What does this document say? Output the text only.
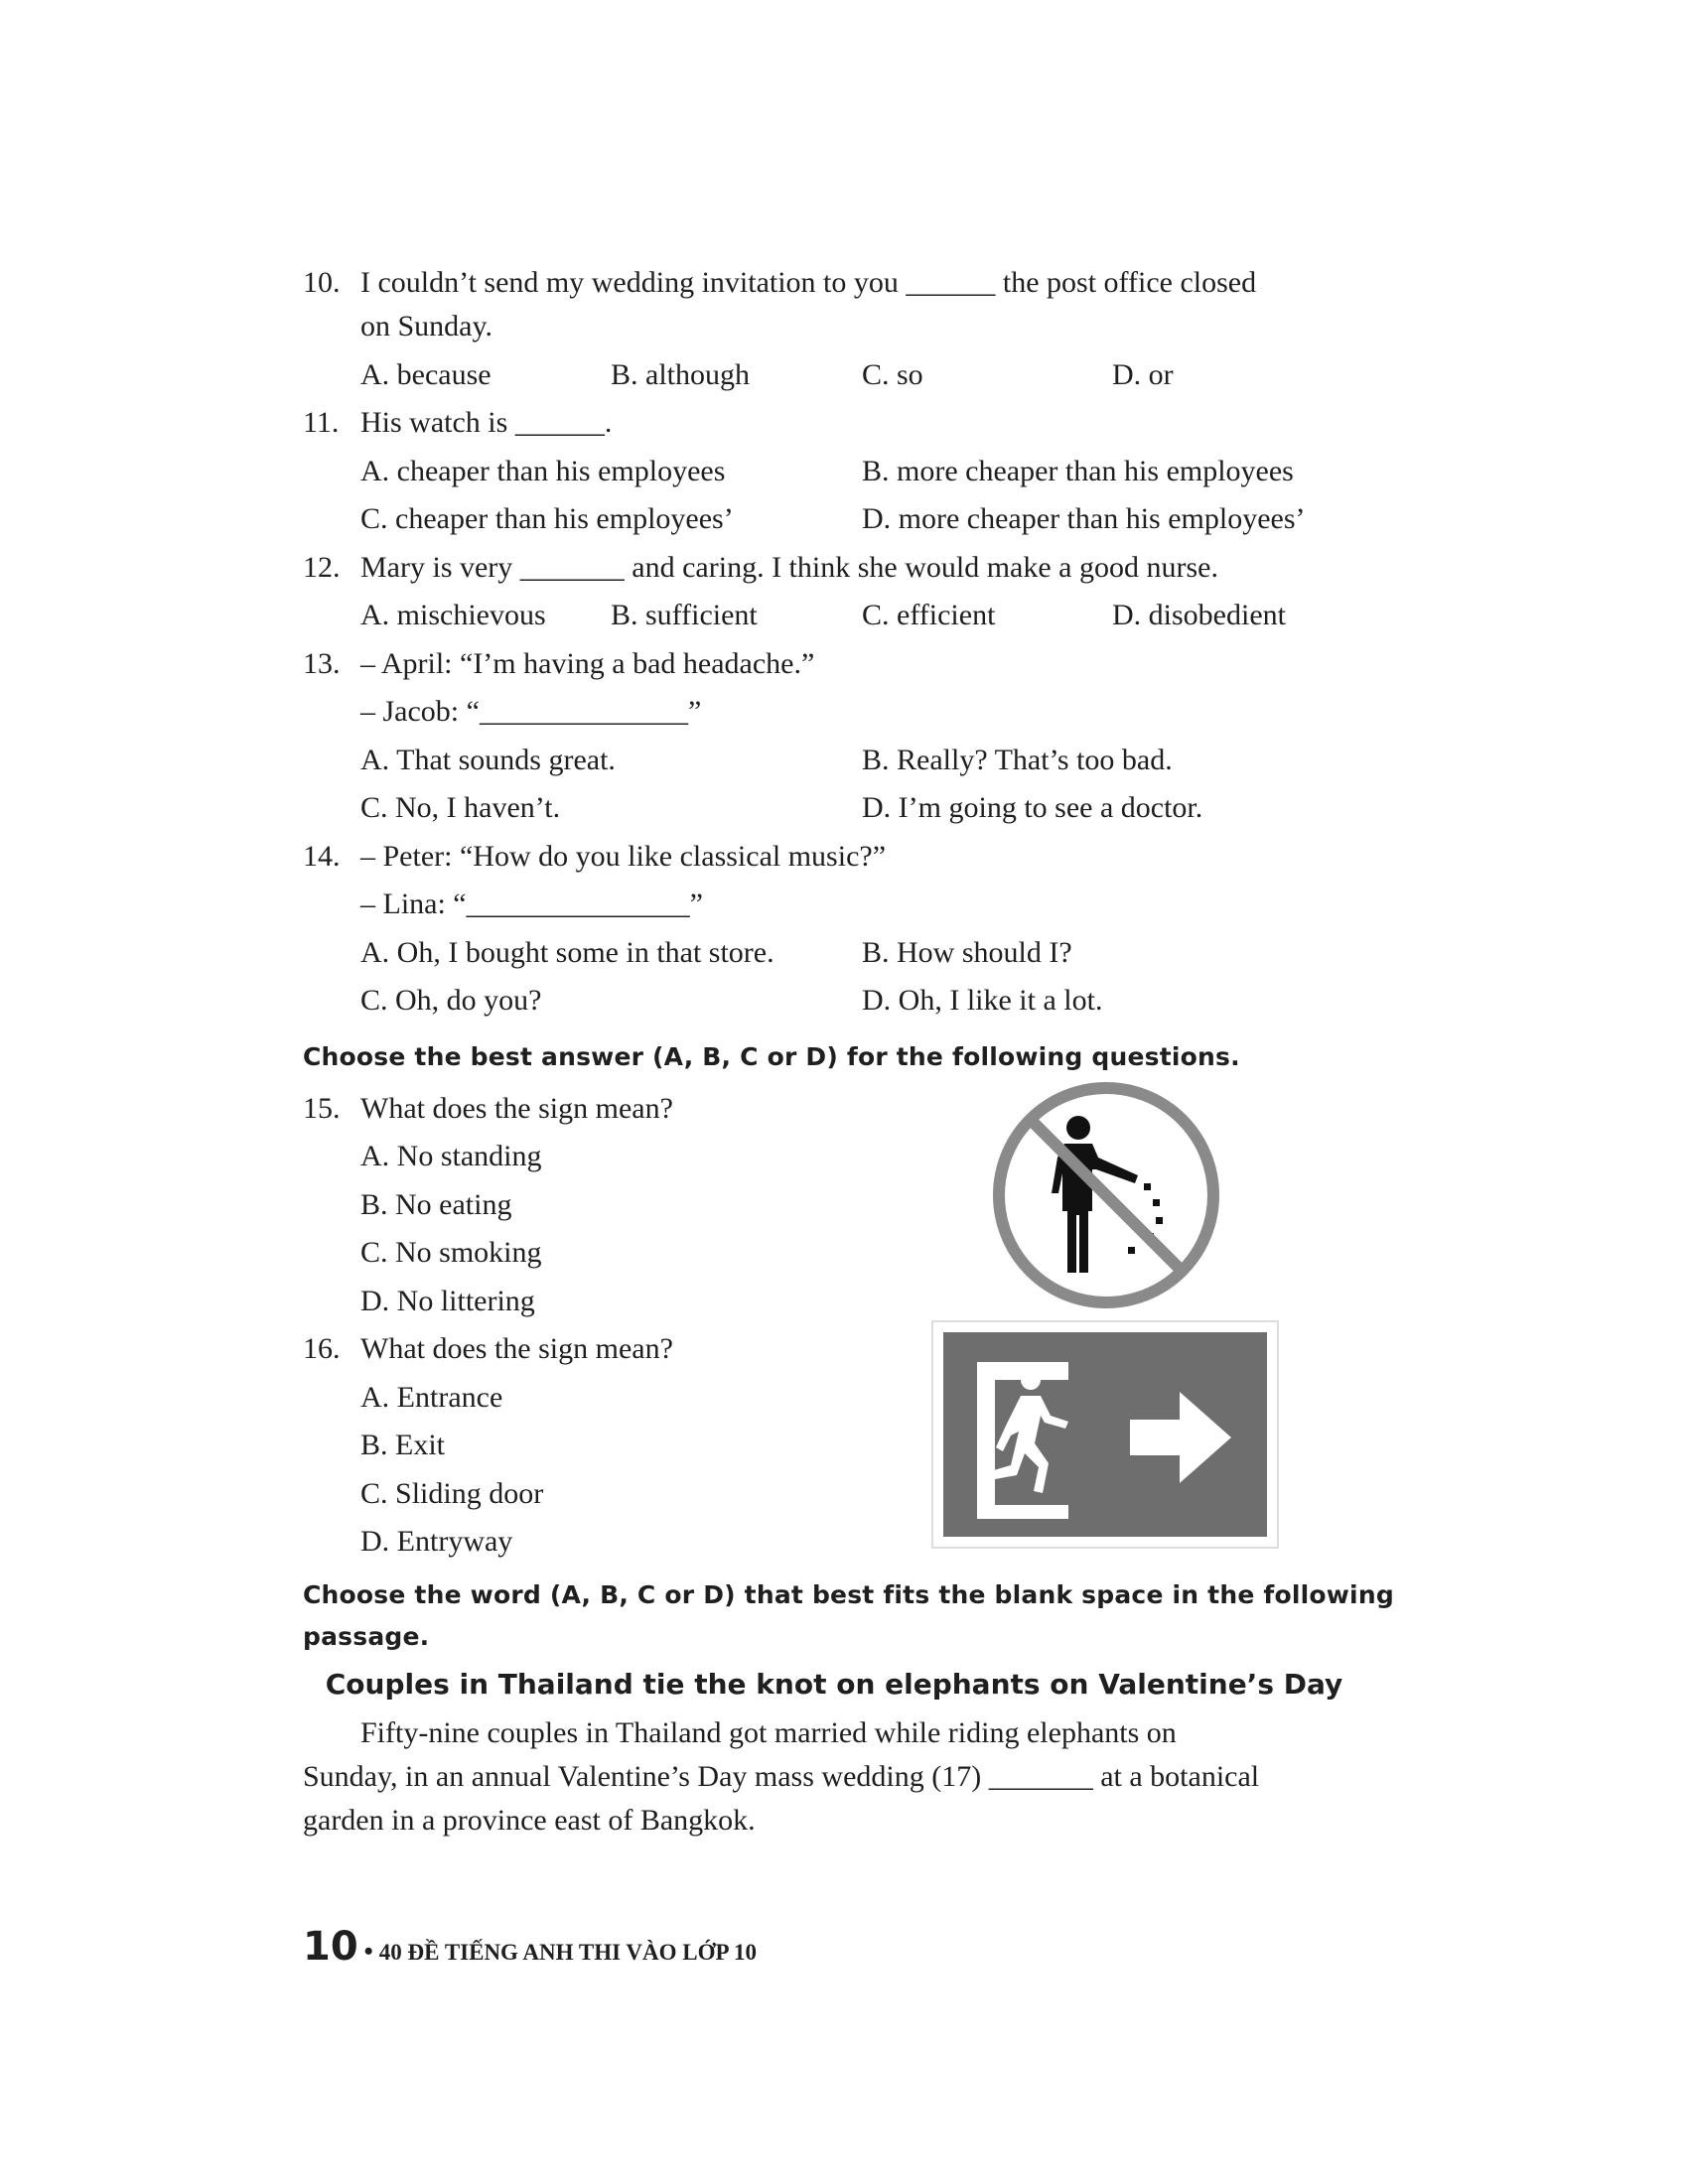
10. I couldn’t send my wedding invitation to you ______ the post office closed
on Sunday.
A. because	B. although	C. so	D. or
11. His watch is ______.
A. cheaper than his employees	B. more cheaper than his employees
C. cheaper than his employees’	D. more cheaper than his employees’
12. Mary is very _______ and caring. I think she would make a good nurse.
A. mischievous B. sufficient	C. efficient	D. disobedient
13. – April: “I’m having a bad headache.”
– Jacob: “______________”
A. That sounds great.	B. Really? That’s too bad.
C. No, I haven’t.	D. I’m going to see a doctor.
14. – Peter: “How do you like classical music?”
– Lina: “_______________”
A. Oh, I bought some in that store.	B. How should I?
C. Oh, do you?	D. Oh, I like it a lot.
Choose the best answer (A, B, C or D) for the following questions.
15. What does the sign mean?
A. No standing
B. No eating
C. No smoking
D. No littering
16. What does the sign mean?
A. Entrance
B. Exit
C. Sliding door
D. Entryway
Choose the word (A, B, C or D) that best fits the blank space in the following
passage.
Couples in Thailand tie the knot on elephants on Valentine’s Day
Fifty-nine couples in Thailand got married while riding elephants on
Sunday, in an annual Valentine’s Day mass wedding (17) _______ at a botanical
garden in a province east of Bangkok.
10 • 40 ĐỀ TIẾNG ANH THI VÀO LỚP 10
